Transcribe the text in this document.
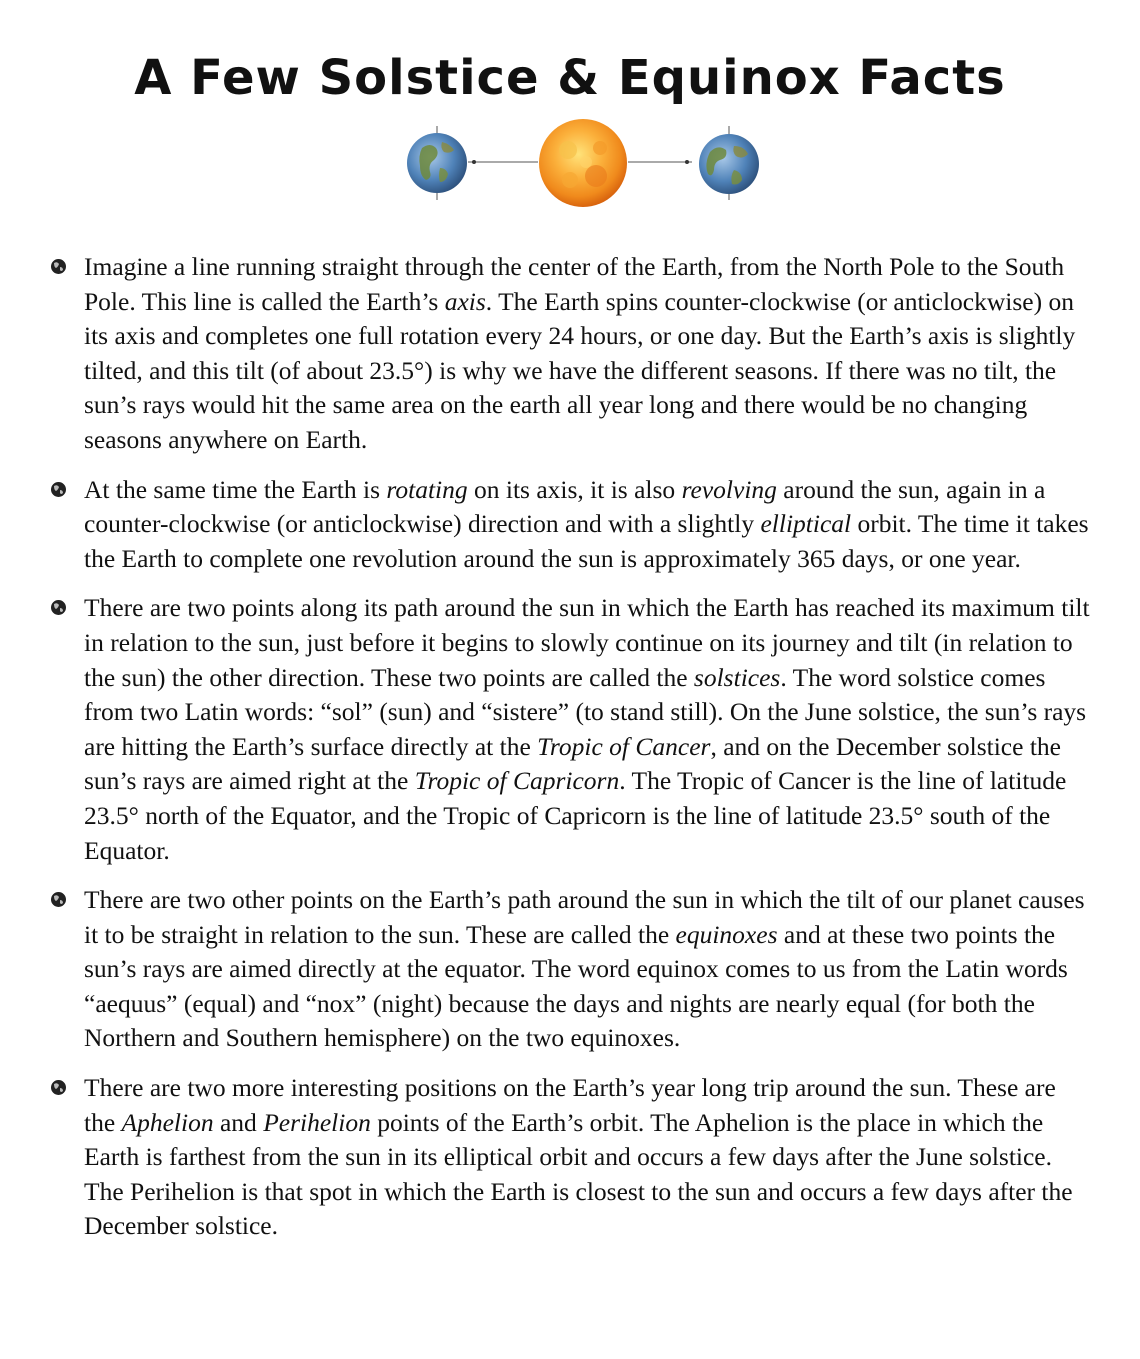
A Few Solstice & Equinox Facts
Imagine a line running straight through the center of the Earth, from the North Pole to the South Pole. This line is called the Earth’s axis. The Earth spins counter-clockwise (or anticlockwise) on its axis and completes one full rotation every 24 hours, or one day. But the Earth’s axis is slightly tilted, and this tilt (of about 23.5°) is why we have the different seasons. If there was no tilt, the sun’s rays would hit the same area on the earth all year long and there would be no changing seasons anywhere on Earth.
At the same time the Earth is rotating on its axis, it is also revolving around the sun, again in a counter-clockwise (or anticlockwise) direction and with a slightly elliptical orbit. The time it takes the Earth to complete one revolution around the sun is approximately 365 days, or one year.
There are two points along its path around the sun in which the Earth has reached its maximum tilt in relation to the sun, just before it begins to slowly continue on its journey and tilt (in relation to the sun) the other direction. These two points are called the solstices. The word solstice comes from two Latin words: “sol” (sun) and “sistere” (to stand still). On the June solstice, the sun’s rays are hitting the Earth’s surface directly at the Tropic of Cancer, and on the December solstice the sun’s rays are aimed right at the Tropic of Capricorn. The Tropic of Cancer is the line of latitude 23.5° north of the Equator, and the Tropic of Capricorn is the line of latitude 23.5° south of the Equator.
There are two other points on the Earth’s path around the sun in which the tilt of our planet causes it to be straight in relation to the sun. These are called the equinoxes and at these two points the sun’s rays are aimed directly at the equator. The word equinox comes to us from the Latin words “aequus” (equal) and “nox” (night) because the days and nights are nearly equal (for both the Northern and Southern hemisphere) on the two equinoxes.
There are two more interesting positions on the Earth’s year long trip around the sun. These are the Aphelion and Perihelion points of the Earth’s orbit. The Aphelion is the place in which the Earth is farthest from the sun in its elliptical orbit and occurs a few days after the June solstice. The Perihelion is that spot in which the Earth is closest to the sun and occurs a few days after the December solstice.
